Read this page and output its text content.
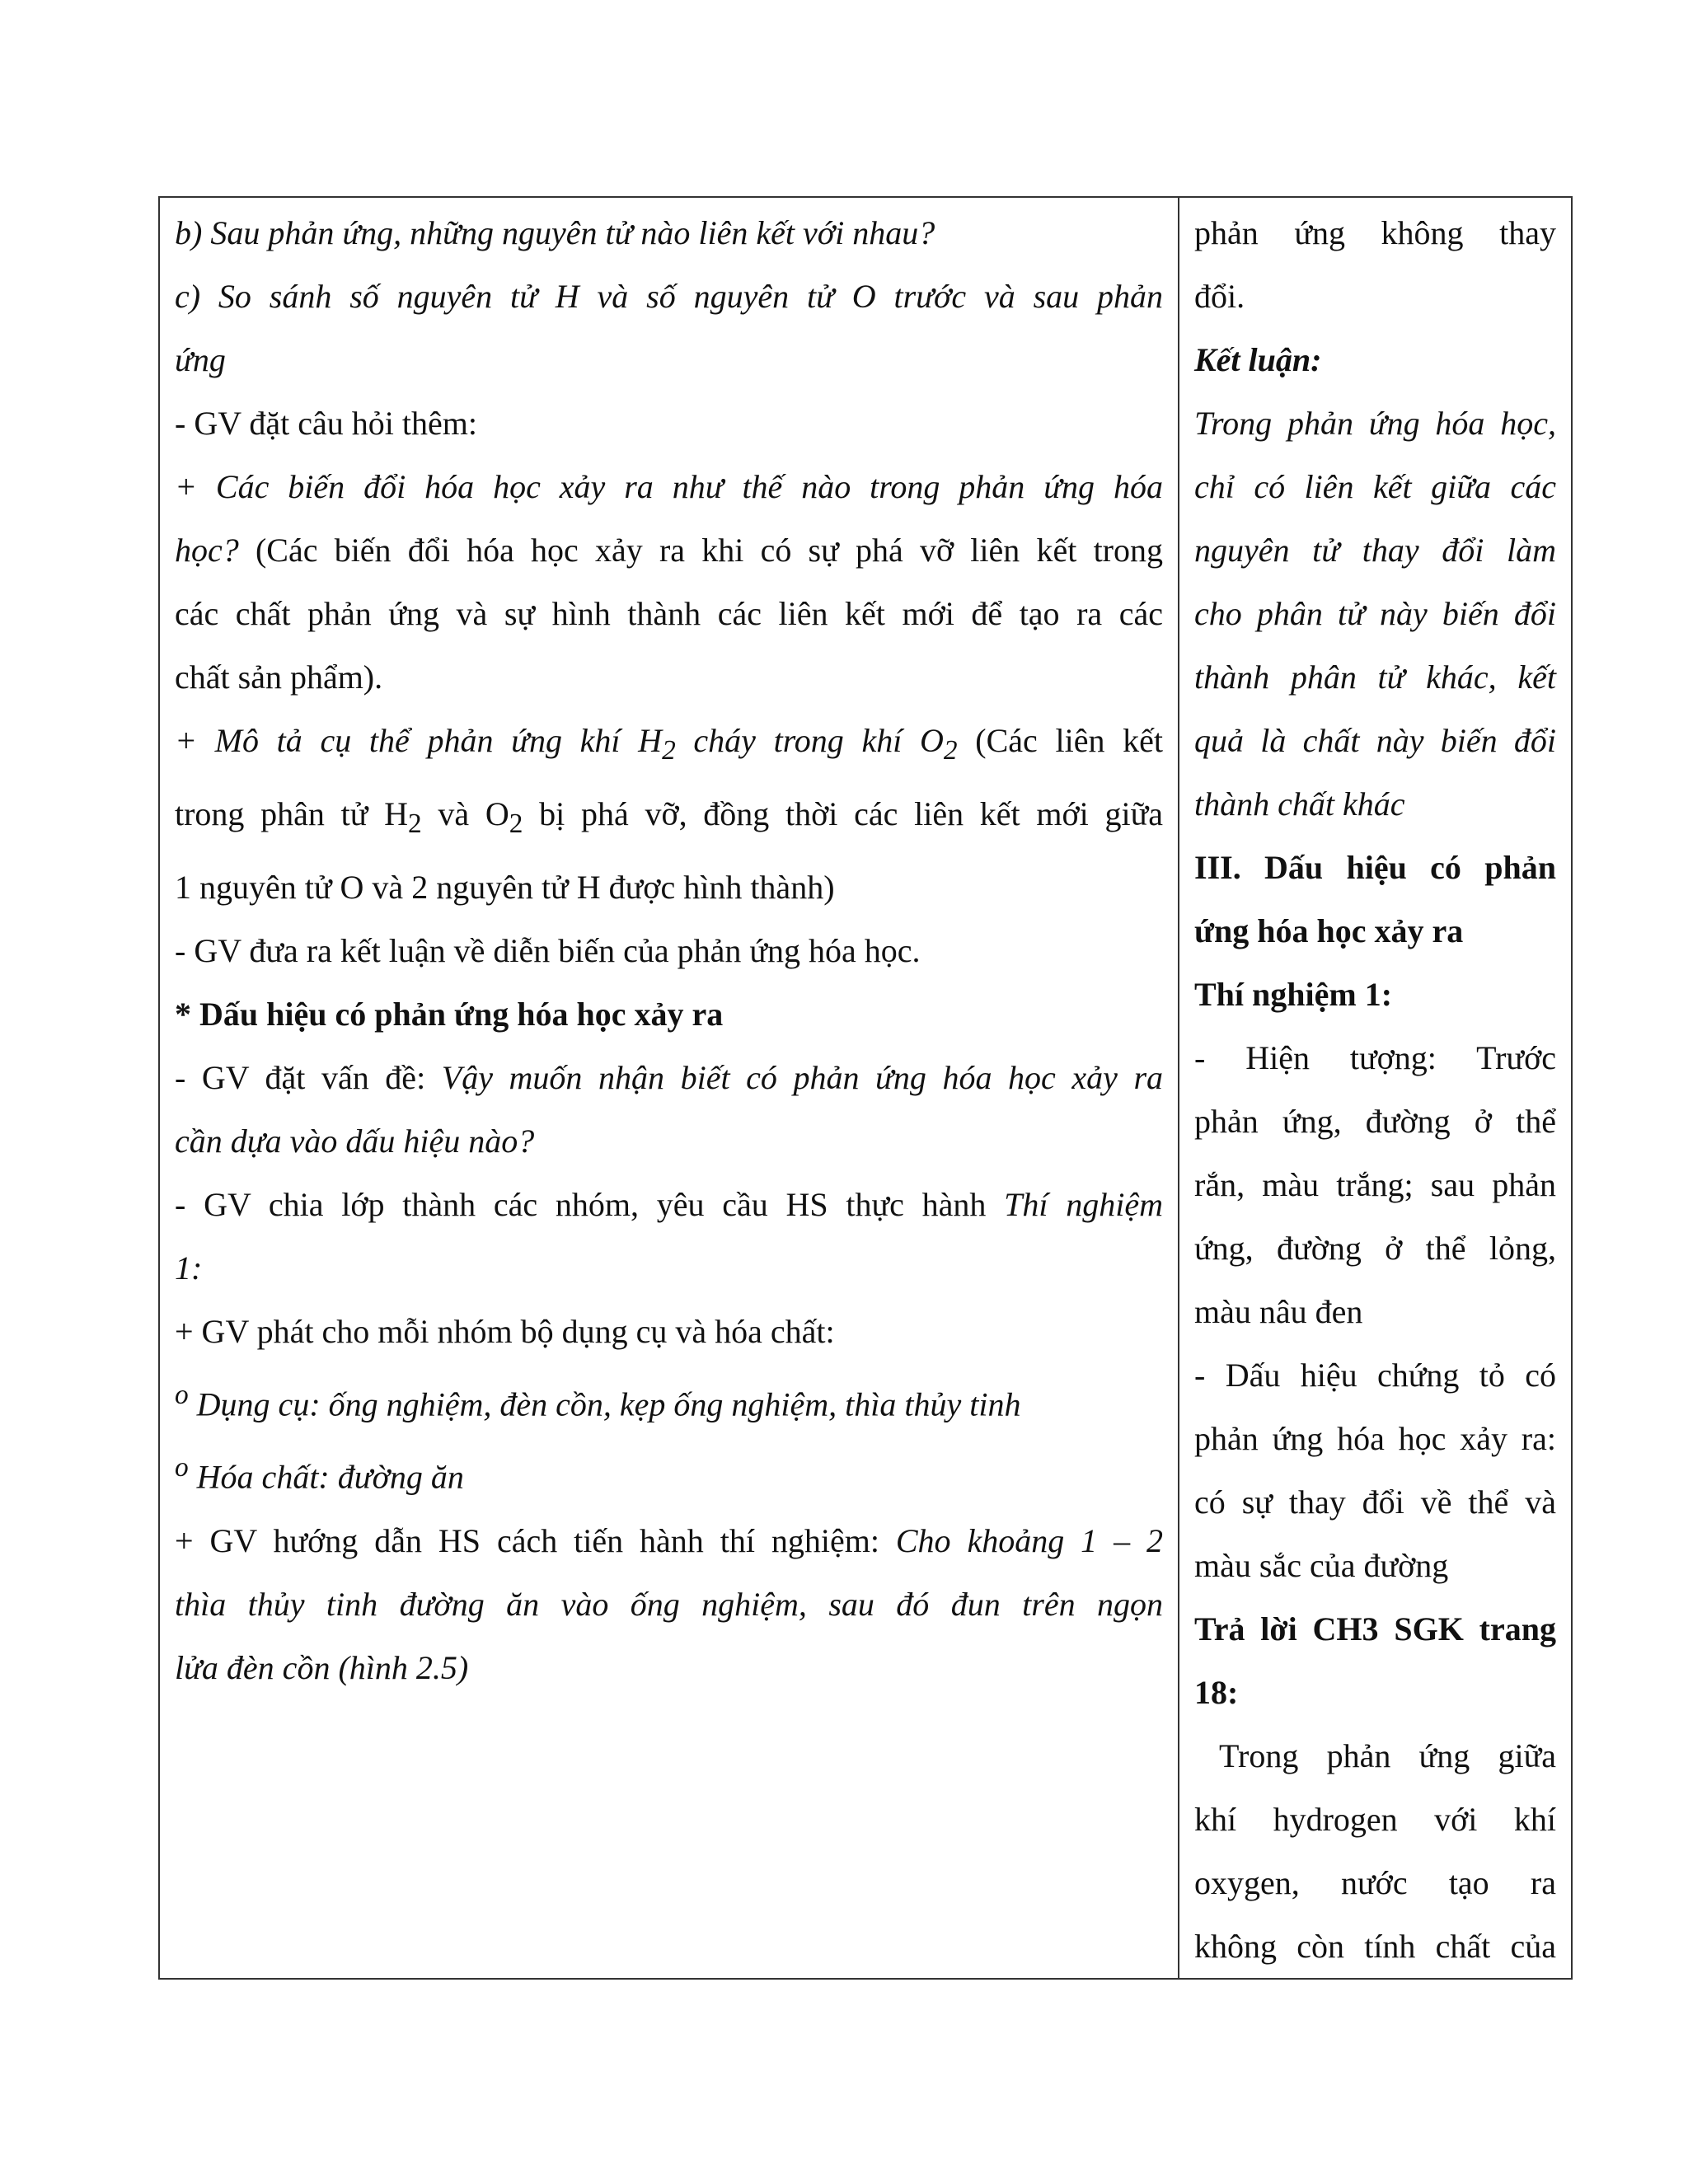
b) Sau phản ứng, những nguyên tử nào liên kết với nhau?

c) So sánh số nguyên tử H và số nguyên tử O trước và sau phản

ứng

- GV đặt câu hỏi thêm:

+ Các biến đổi hóa học xảy ra như thế nào trong phản ứng hóa

học? (Các biến đổi hóa học xảy ra khi có sự phá vỡ liên kết trong

các chất phản ứng và sự hình thành các liên kết mới để tạo ra các

chất sản phẩm).

+ Mô tả cụ thể phản ứng khí $H_2$ cháy trong khí $O_2$ (Các liên kết

trong phân tử $H_2$ và $O_2$ bị phá vỡ, đồng thời các liên kết mới giữa

1 nguyên tử O và 2 nguyên tử H được hình thành)

- GV đưa ra kết luận về diễn biến của phản ứng hóa học.

* Dấu hiệu có phản ứng hóa học xảy ra

- GV đặt vấn đề: Vậy muốn nhận biết có phản ứng hóa học xảy ra

cần dựa vào dấu hiệu nào?

- GV chia lớp thành các nhóm, yêu cầu HS thực hành Thí nghiệm

1:

+ GV phát cho mỗi nhóm bộ dụng cụ và hóa chất:

$^o$ Dụng cụ: ống nghiệm, đèn cồn, kẹp ống nghiệm, thìa thủy tinh

$^o$ Hóa chất: đường ăn

+ GV hướng dẫn HS cách tiến hành thí nghiệm: Cho khoảng 1 – 2

thìa thủy tinh đường ăn vào ống nghiệm, sau đó đun trên ngọn

lửa đèn cồn (hình 2.5)

phản ứng không thay

đổi.

Kết luận:

Trong phản ứng hóa học,

chỉ có liên kết giữa các

nguyên tử thay đổi làm

cho phân tử này biến đổi

thành phân tử khác, kết

quả là chất này biến đổi

thành chất khác

III. Dấu hiệu có phản

ứng hóa học xảy ra

Thí nghiệm 1:

- Hiện tượng: Trước

phản ứng, đường ở thể

rắn, màu trắng; sau phản

ứng, đường ở thể lỏng,

màu nâu đen

- Dấu hiệu chứng tỏ có

phản ứng hóa học xảy ra:

có sự thay đổi về thể và

màu sắc của đường

Trả lời CH3 SGK trang

18:

Trong phản ứng giữa

khí hydrogen với khí

oxygen, nước tạo ra

không còn tính chất của
